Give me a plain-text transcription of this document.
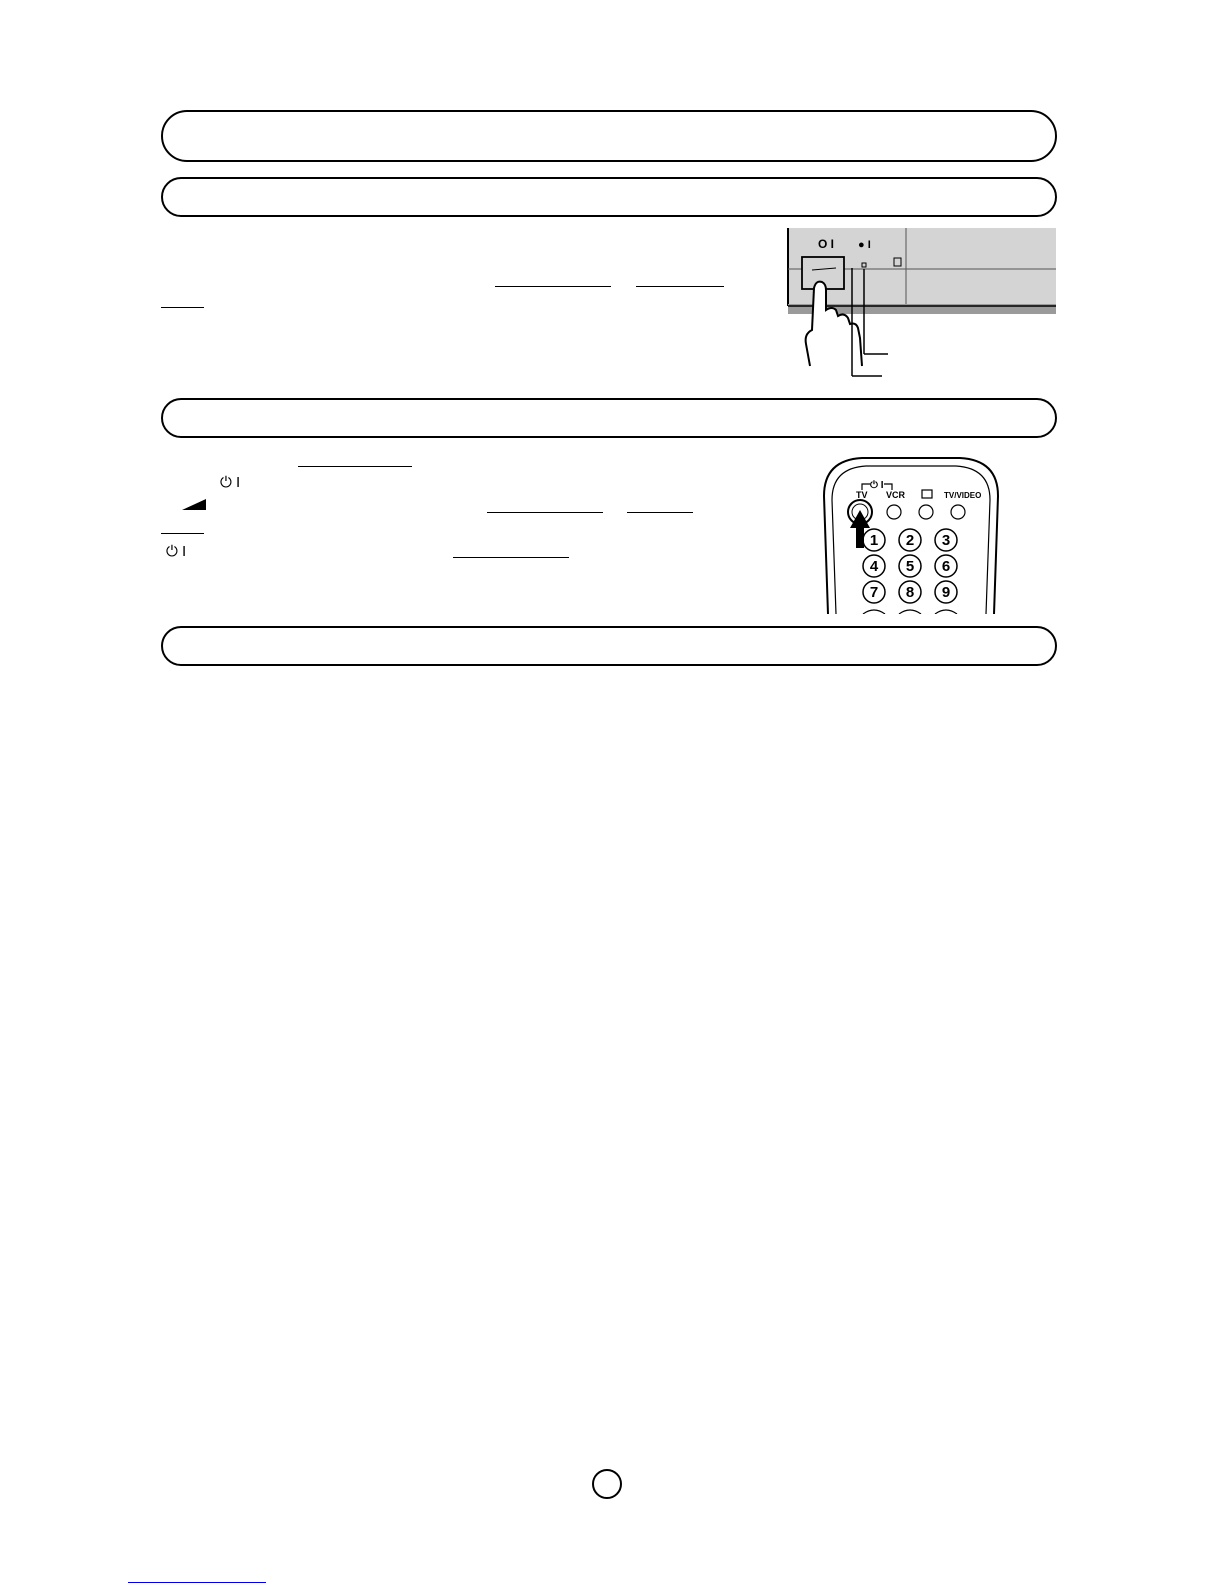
⏻ I
⏻ I
O I ● I
⏻ I
TV VCR	TV/VIDEO
1 2 3
4 5 6
7 8 9
